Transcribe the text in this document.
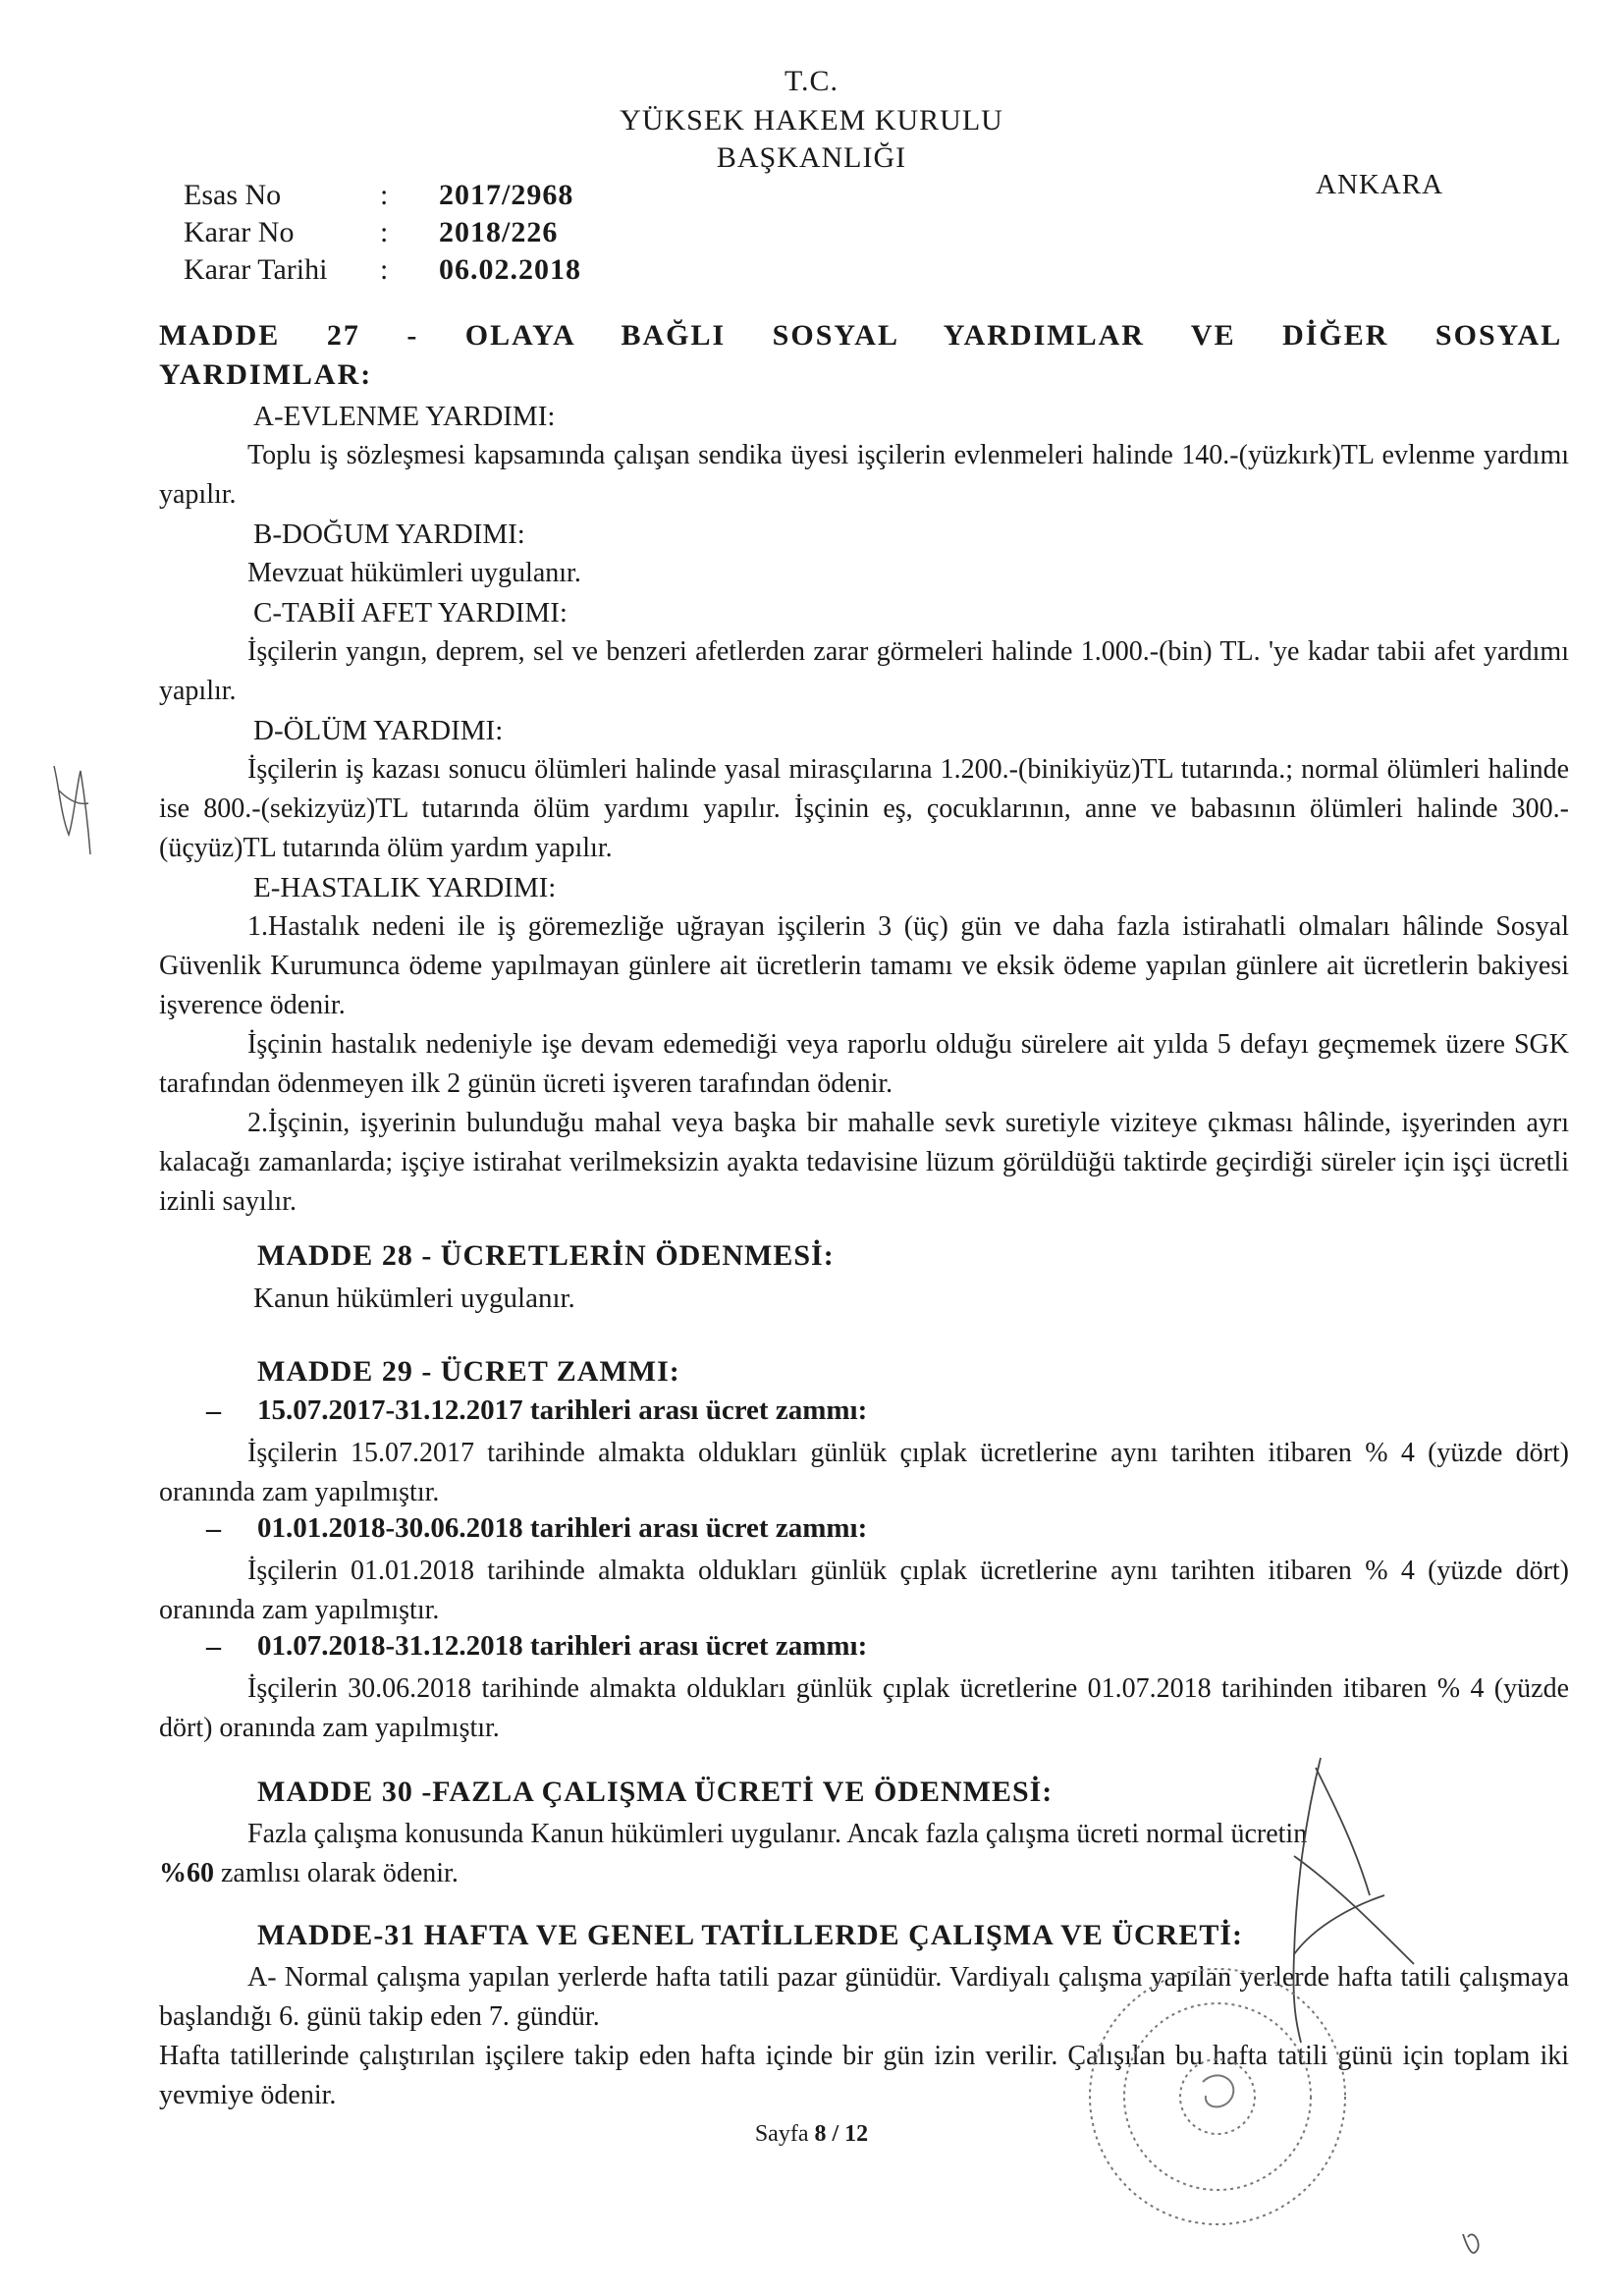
T.C.
YÜKSEK HAKEM KURULU
BAŞKANLIĞI
ANKARA
Esas No	: 2017/2968
Karar No	: 2018/226
Karar Tarihi : 06.02.2018
MADDE 27 - OLAYA BAĞLI SOSYAL YARDIMLAR VE DİĞER SOSYAL YARDIMLAR:
A-EVLENME YARDIMI:
Toplu iş sözleşmesi kapsamında çalışan sendika üyesi işçilerin evlenmeleri halinde 140.-(yüzkırk)TL evlenme yardımı yapılır.
B-DOĞUM YARDIMI:
Mevzuat hükümleri uygulanır.
C-TABİİ AFET YARDIMI:
İşçilerin yangın, deprem, sel ve benzeri afetlerden zarar görmeleri halinde 1.000.-(bin) TL. 'ye kadar tabii afet yardımı yapılır.
D-ÖLÜM YARDIMI:
İşçilerin iş kazası sonucu ölümleri halinde yasal mirasçılarına 1.200.-(binikiyüz)TL tutarında.; normal ölümleri halinde ise 800.-(sekizyüz)TL tutarında ölüm yardımı yapılır. İşçinin eş, çocuklarının, anne ve babasının ölümleri halinde 300.-(üçyüz)TL tutarında ölüm yardım yapılır.
E-HASTALIK YARDIMI:
1.Hastalık nedeni ile iş göremezliğe uğrayan işçilerin 3 (üç) gün ve daha fazla istirahatli olmaları hâlinde Sosyal Güvenlik Kurumunca ödeme yapılmayan günlere ait ücretlerin tamamı ve eksik ödeme yapılan günlere ait ücretlerin bakiyesi işverence ödenir.
İşçinin hastalık nedeniyle işe devam edemediği veya raporlu olduğu sürelere ait yılda 5 defayı geçmemek üzere SGK tarafından ödenmeyen ilk 2 günün ücreti işveren tarafından ödenir.
2.İşçinin, işyerinin bulunduğu mahal veya başka bir mahalle sevk suretiyle viziteye çıkması hâlinde, işyerinden ayrı kalacağı zamanlarda; işçiye istirahat verilmeksizin ayakta tedavisine lüzum görüldüğü taktirde geçirdiği süreler için işçi ücretli izinli sayılır.
MADDE 28 - ÜCRETLERİN ÖDENMESİ:
Kanun hükümleri uygulanır.
MADDE 29 - ÜCRET ZAMMI:
– 15.07.2017-31.12.2017 tarihleri arası ücret zammı:
İşçilerin 15.07.2017 tarihinde almakta oldukları günlük çıplak ücretlerine aynı tarihten itibaren % 4 (yüzde dört) oranında zam yapılmıştır.
– 01.01.2018-30.06.2018 tarihleri arası ücret zammı:
İşçilerin 01.01.2018 tarihinde almakta oldukları günlük çıplak ücretlerine aynı tarihten itibaren % 4 (yüzde dört) oranında zam yapılmıştır.
– 01.07.2018-31.12.2018 tarihleri arası ücret zammı:
İşçilerin 30.06.2018 tarihinde almakta oldukları günlük çıplak ücretlerine 01.07.2018 tarihinden itibaren % 4 (yüzde dört) oranında zam yapılmıştır.
MADDE 30 -FAZLA ÇALIŞMA ÜCRETİ VE ÖDENMESİ:
Fazla çalışma konusunda Kanun hükümleri uygulanır. Ancak fazla çalışma ücreti normal ücretin
%60 zamlısı olarak ödenir.
MADDE-31 HAFTA VE GENEL TATİLLERDE ÇALIŞMA VE ÜCRETİ:
A- Normal çalışma yapılan yerlerde hafta tatili pazar günüdür. Vardiyalı çalışma yapılan yerlerde hafta tatili çalışmaya başlandığı 6. günü takip eden 7. gündür.
Hafta tatillerinde çalıştırılan işçilere takip eden hafta içinde bir gün izin verilir. Çalışılan bu hafta tatili günü için toplam iki yevmiye ödenir.
Sayfa 8 / 12
